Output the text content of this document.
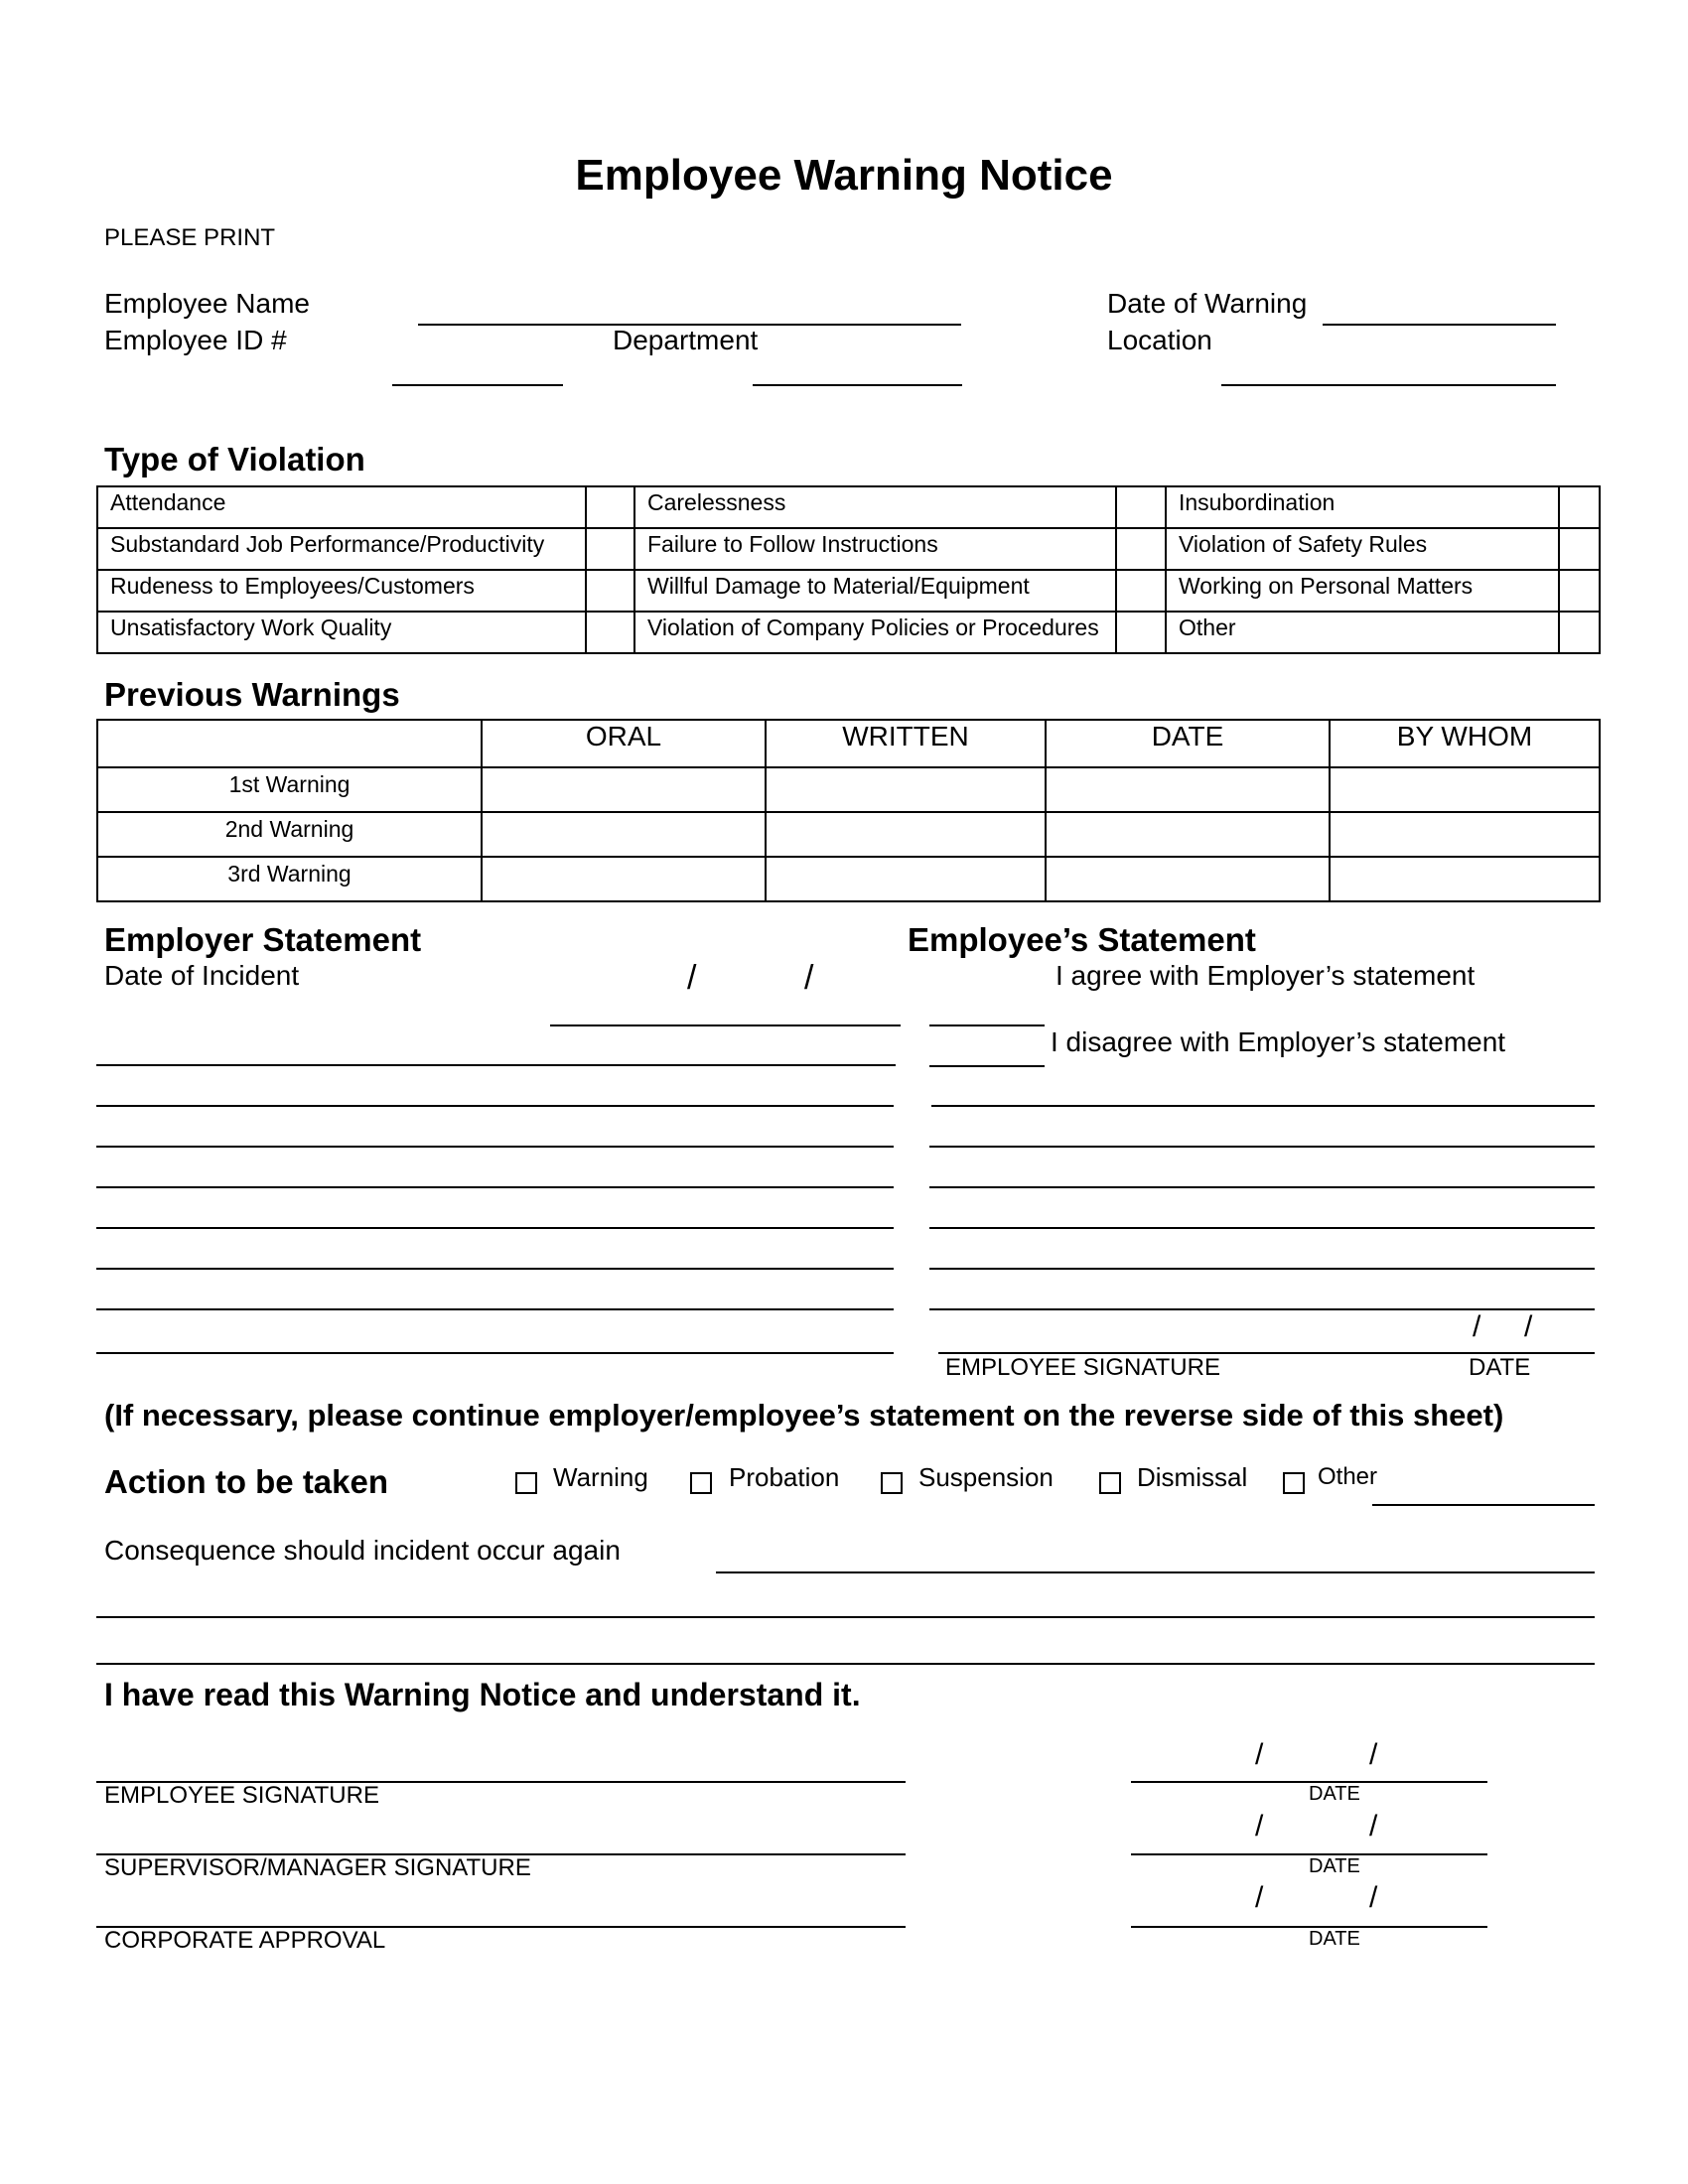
Employee Warning Notice
PLEASE PRINT
Employee Name
Employee ID #	Department
Date of Warning
Location
Type of Violation
Attendance		Carelessness		Insubordination	
Substandard Job Performance/Productivity		Failure to Follow Instructions		Violation of Safety Rules	
Rudeness to Employees/Customers		Willful Damage to Material/Equipment		Working on Personal Matters	
Unsatisfactory Work Quality		Violation of Company Policies or Procedures		Other	
Previous Warnings
	ORAL	WRITTEN	DATE	BY WHOM
1st Warning				
2nd Warning				
3rd Warning				
Employer Statement
Date of Incident	/	/
Employee’s Statement
I agree with Employer’s statement
I disagree with Employer’s statement
/ /
EMPLOYEE SIGNATURE	DATE
(If necessary, please continue employer/employee’s statement on the reverse side of this sheet)
Action to be taken	Warning	Probation	Suspension	Dismissal	Other
Consequence should incident occur again
I have read this Warning Notice and understand it.
EMPLOYEE SIGNATURE
/	/
DATE
SUPERVISOR/MANAGER SIGNATURE
/	/
DATE
CORPORATE APPROVAL
/	/
DATE
